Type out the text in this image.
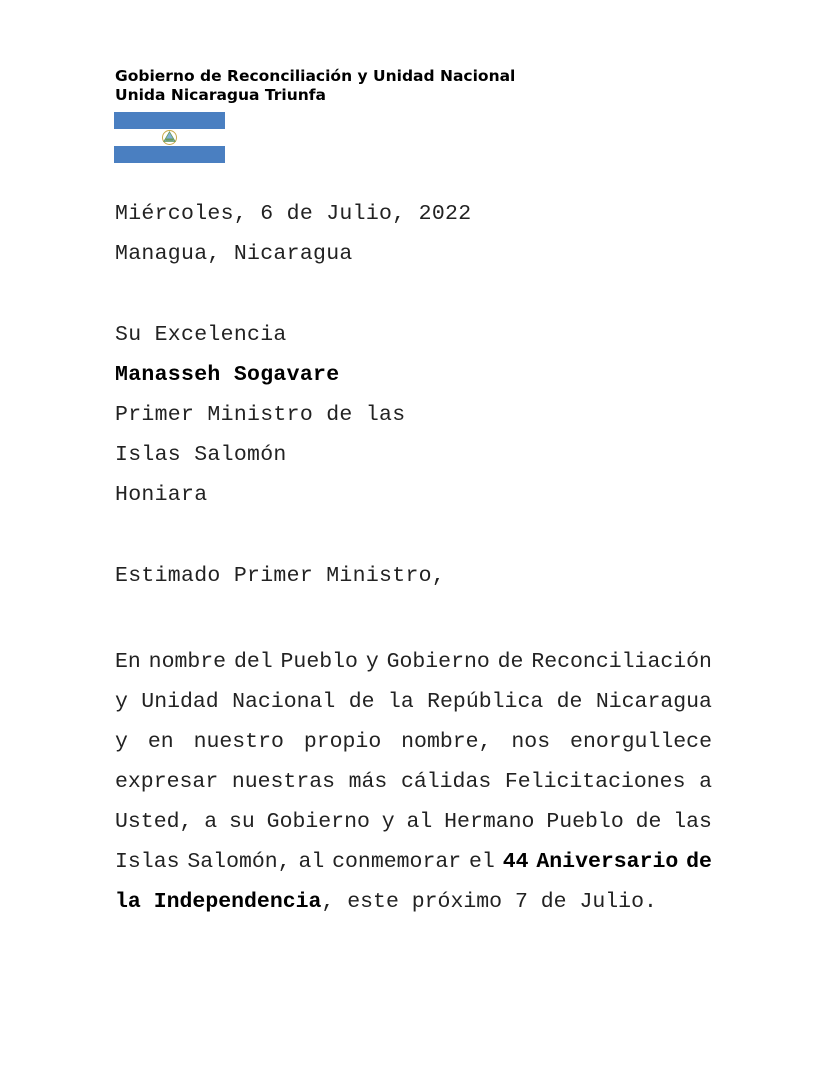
Gobierno de Reconciliación y Unidad Nacional
Unida Nicaragua Triunfa
Miércoles, 6 de Julio, 2022
Managua, Nicaragua
Su Excelencia
Manasseh Sogavare
Primer Ministro de las
Islas Salomón
Honiara
Estimado Primer Ministro,
En nombre del Pueblo y Gobierno de Reconciliación
y Unidad Nacional de la República de Nicaragua
y en nuestro propio nombre, nos enorgullece
expresar nuestras más cálidas Felicitaciones a
Usted, a su Gobierno y al Hermano Pueblo de las
Islas Salomón, al conmemorar el 44 Aniversario de
la Independencia , este próximo 7 de Julio.
